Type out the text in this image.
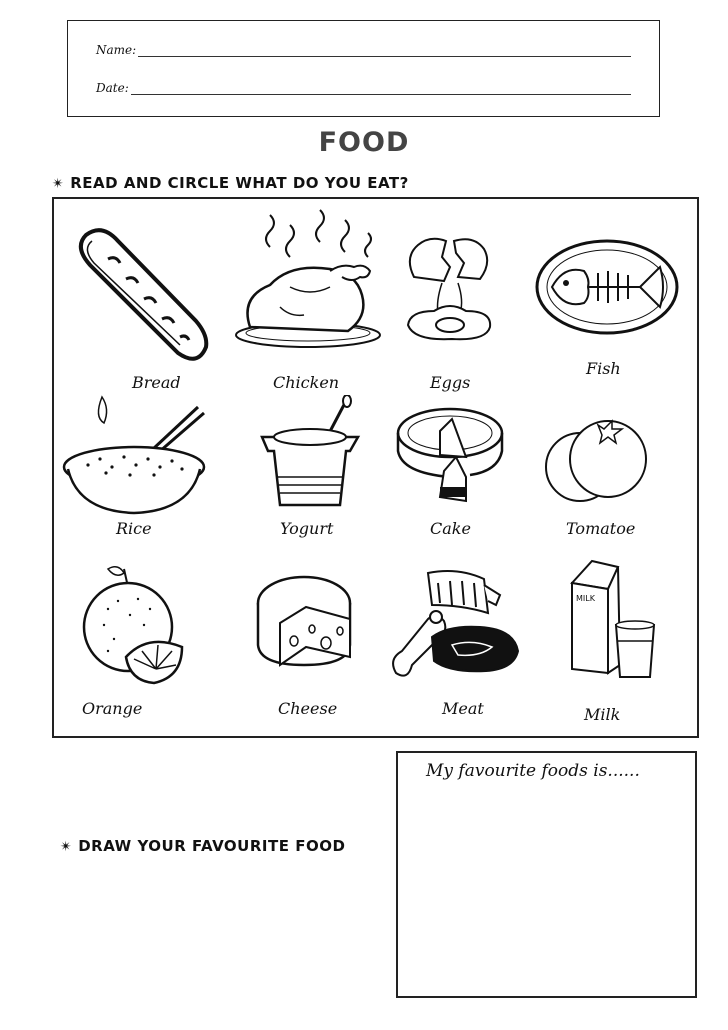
Name:
Date:
FOOD
✴ READ AND CIRCLE WHAT DO YOU EAT?
Bread	Chicken	Eggs
Fish
Rice	Yogurt	Cake	Tomatoe
Orange	Cheese	Meat
MILK
Milk
✴ DRAW YOUR FAVOURITE FOOD
My favourite foods is......
